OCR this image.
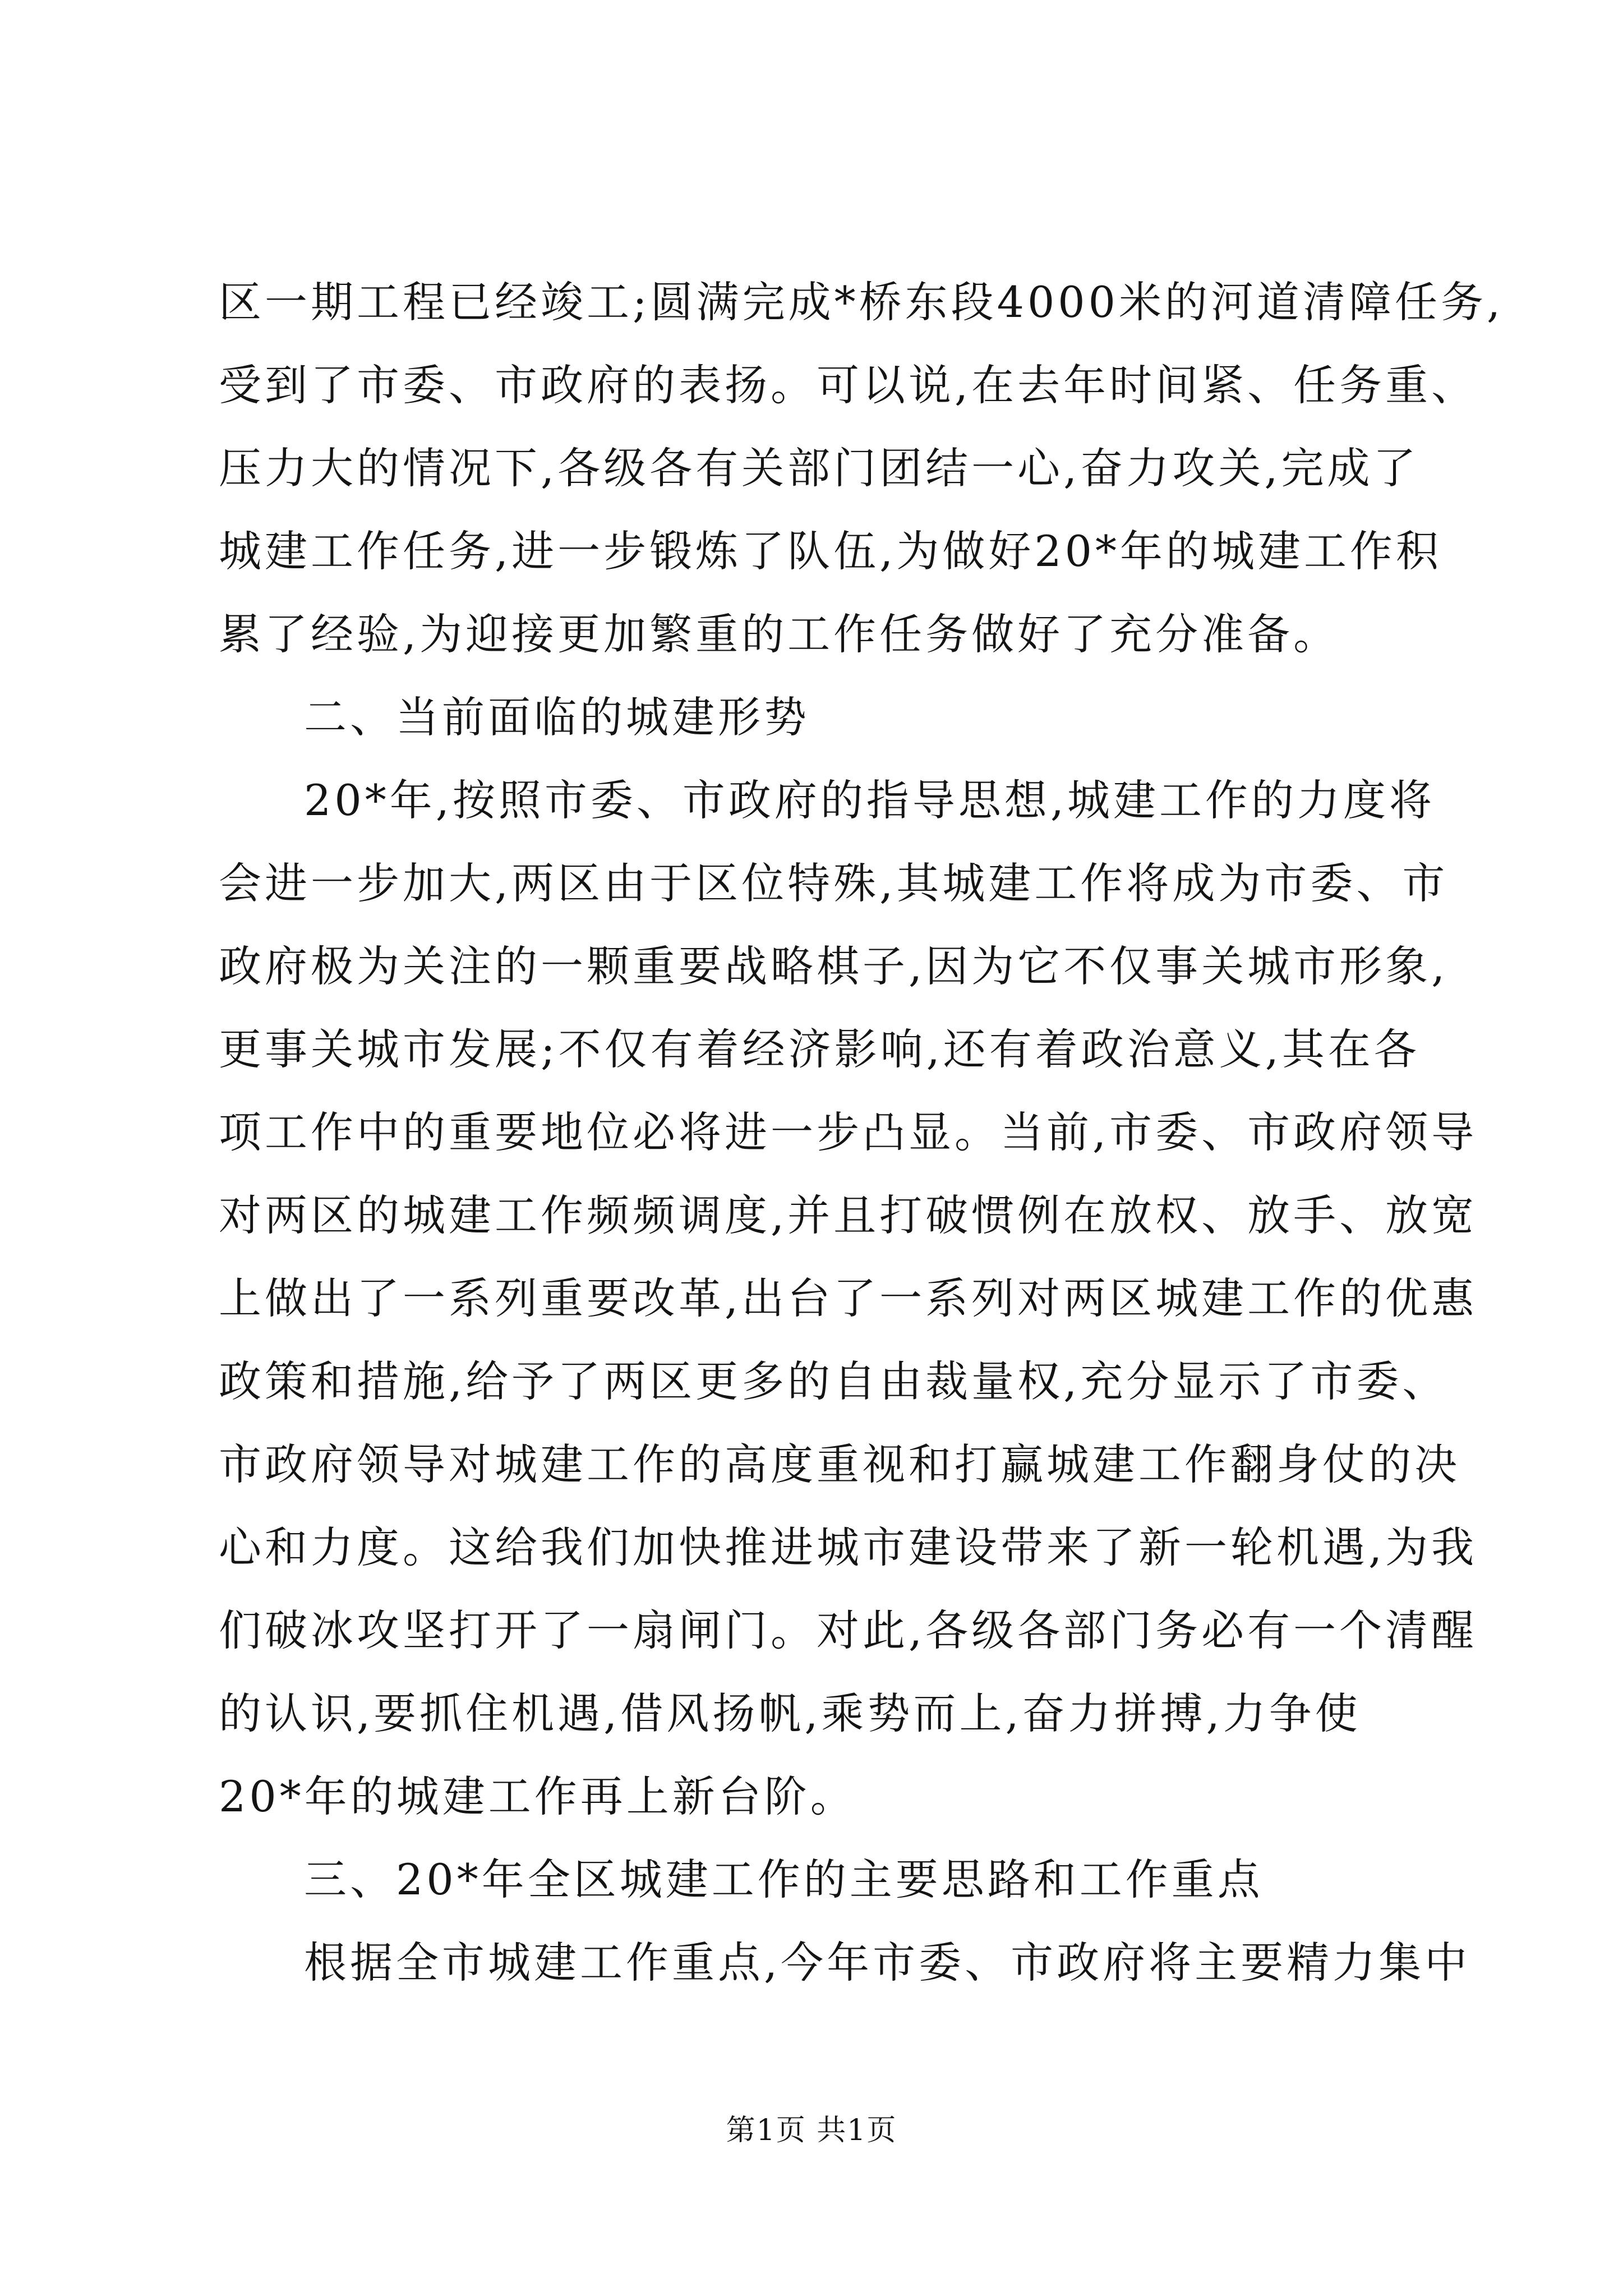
区一期工程已经竣工;圆满完成*桥东段4000米的河道清障任务,
受到了市委、市政府的表扬。可以说,在去年时间紧、任务重、
压力大的情况下,各级各有关部门团结一心,奋力攻关,完成了
城建工作任务,进一步锻炼了队伍,为做好20*年的城建工作积
累了经验,为迎接更加繁重的工作任务做好了充分准备。
二、当前面临的城建形势
20*年,按照市委、市政府的指导思想,城建工作的力度将
会进一步加大,两区由于区位特殊,其城建工作将成为市委、市
政府极为关注的一颗重要战略棋子,因为它不仅事关城市形象,
更事关城市发展;不仅有着经济影响,还有着政治意义,其在各
项工作中的重要地位必将进一步凸显。当前,市委、市政府领导
对两区的城建工作频频调度,并且打破惯例在放权、放手、放宽
上做出了一系列重要改革,出台了一系列对两区城建工作的优惠
政策和措施,给予了两区更多的自由裁量权,充分显示了市委、
市政府领导对城建工作的高度重视和打赢城建工作翻身仗的决
心和力度。这给我们加快推进城市建设带来了新一轮机遇,为我
们破冰攻坚打开了一扇闸门。对此,各级各部门务必有一个清醒
的认识,要抓住机遇,借风扬帆,乘势而上,奋力拼搏,力争使
20*年的城建工作再上新台阶。
三、20*年全区城建工作的主要思路和工作重点
根据全市城建工作重点,今年市委、市政府将主要精力集中
第1页 共1页
